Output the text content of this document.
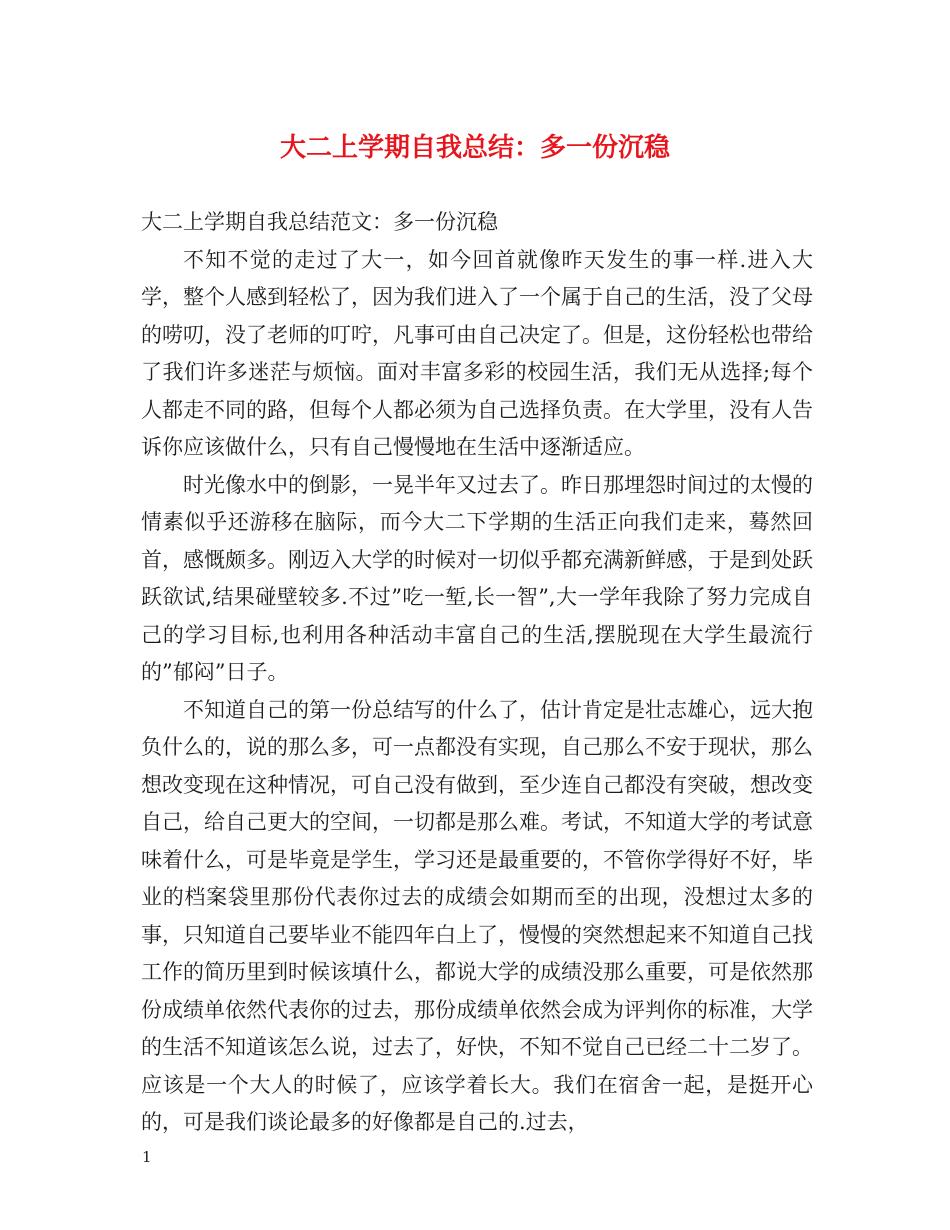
大二上学期自我总结：多一份沉稳

大二上学期自我总结范文：多一份沉稳

不知不觉的走过了大一，如今回首就像昨天发生的事一样.进入大学，整个人感到轻松了，因为我们进入了一个属于自己的生活，没了父母的唠叨，没了老师的叮咛，凡事可由自己决定了。但是，这份轻松也带给了我们许多迷茫与烦恼。面对丰富多彩的校园生活，我们无从选择;每个人都走不同的路，但每个人都必须为自己选择负责。在大学里，没有人告诉你应该做什么，只有自己慢慢地在生活中逐渐适应。

时光像水中的倒影，一晃半年又过去了。昨日那埋怨时间过的太慢的情素似乎还游移在脑际，而今大二下学期的生活正向我们走来，蓦然回首，感慨颇多。刚迈入大学的时候对一切似乎都充满新鲜感，于是到处跃跃欲试,结果碰壁较多.不过”吃一堑,长一智”,大一学年我除了努力完成自己的学习目标,也利用各种活动丰富自己的生活,摆脱现在大学生最流行的”郁闷”日子。

不知道自己的第一份总结写的什么了，估计肯定是壮志雄心，远大抱负什么的，说的那么多，可一点都没有实现，自己那么不安于现状，那么想改变现在这种情况，可自己没有做到，至少连自己都没有突破，想改变自己，给自己更大的空间，一切都是那么难。考试，不知道大学的考试意味着什么，可是毕竟是学生，学习还是最重要的，不管你学得好不好，毕业的档案袋里那份代表你过去的成绩会如期而至的出现，没想过太多的事，只知道自己要毕业不能四年白上了，慢慢的突然想起来不知道自己找工作的简历里到时候该填什么，都说大学的成绩没那么重要，可是依然那份成绩单依然代表你的过去，那份成绩单依然会成为评判你的标准，大学的生活不知道该怎么说，过去了，好快，不知不觉自己已经二十二岁了。应该是一个大人的时候了，应该学着长大。我们在宿舍一起，是挺开心的，可是我们谈论最多的好像都是自己的.过去，

1
